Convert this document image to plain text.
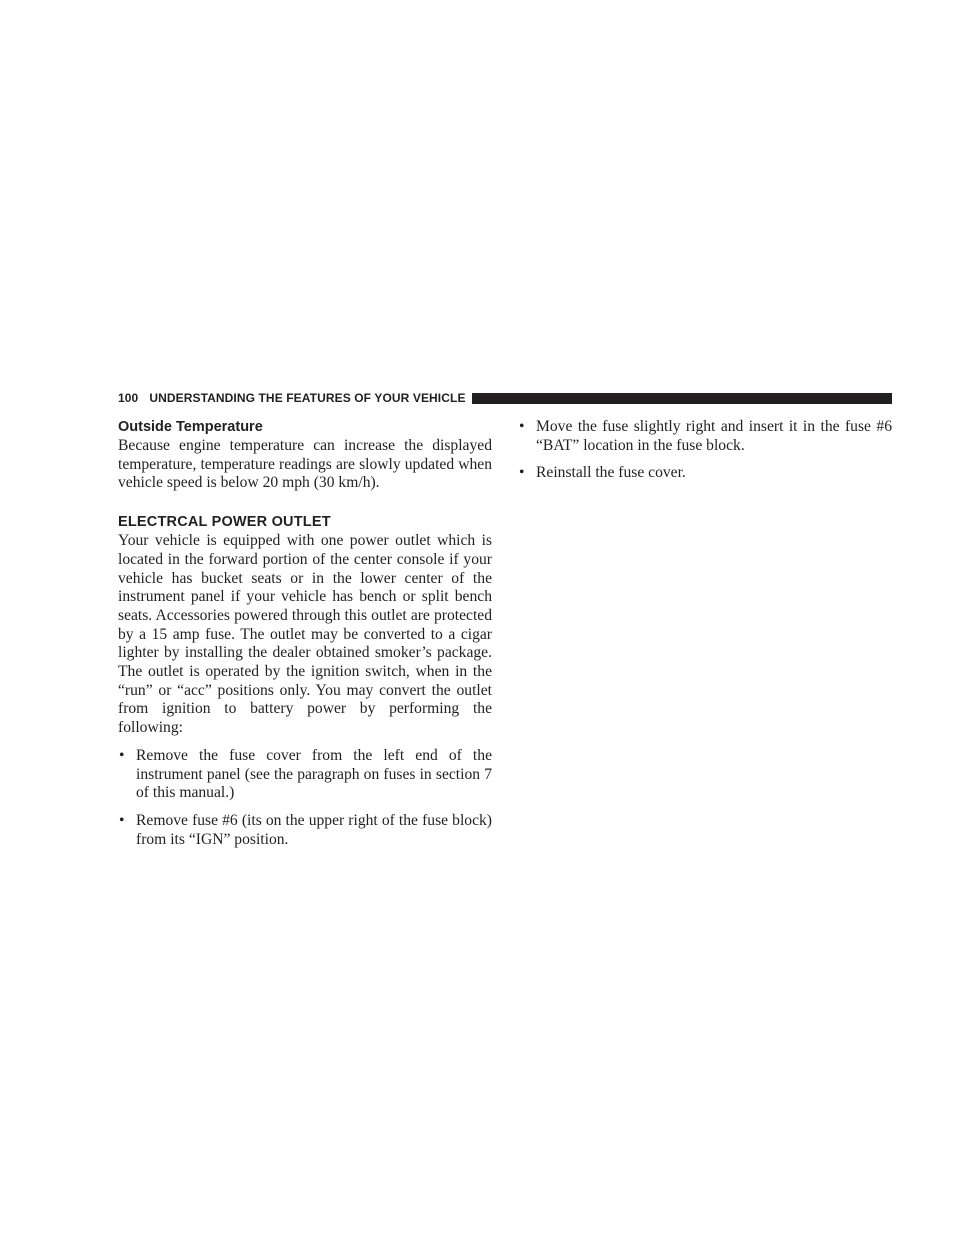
100 UNDERSTANDING THE FEATURES OF YOUR VEHICLE
Outside Temperature

Because engine temperature can increase the displayed temperature, temperature readings are slowly updated when vehicle speed is below 20 mph (30 km/h).

ELECTRCAL POWER OUTLET

Your vehicle is equipped with one power outlet which is located in the forward portion of the center console if your vehicle has bucket seats or in the lower center of the instrument panel if your vehicle has bench or split bench seats. Accessories powered through this outlet are protected by a 15 amp fuse. The outlet may be converted to a cigar lighter by installing the dealer obtained smoker’s package. The outlet is operated by the ignition switch, when in the “run” or “acc” positions only. You may convert the outlet from ignition to battery power by performing the following:

• Remove the fuse cover from the left end of the instrument panel (see the paragraph on fuses in section 7 of this manual.)
• Remove fuse #6 (its on the upper right of the fuse block) from its “IGN” position.
• Move the fuse slightly right and insert it in the fuse #6 “BAT” location in the fuse block.
• Reinstall the fuse cover.
